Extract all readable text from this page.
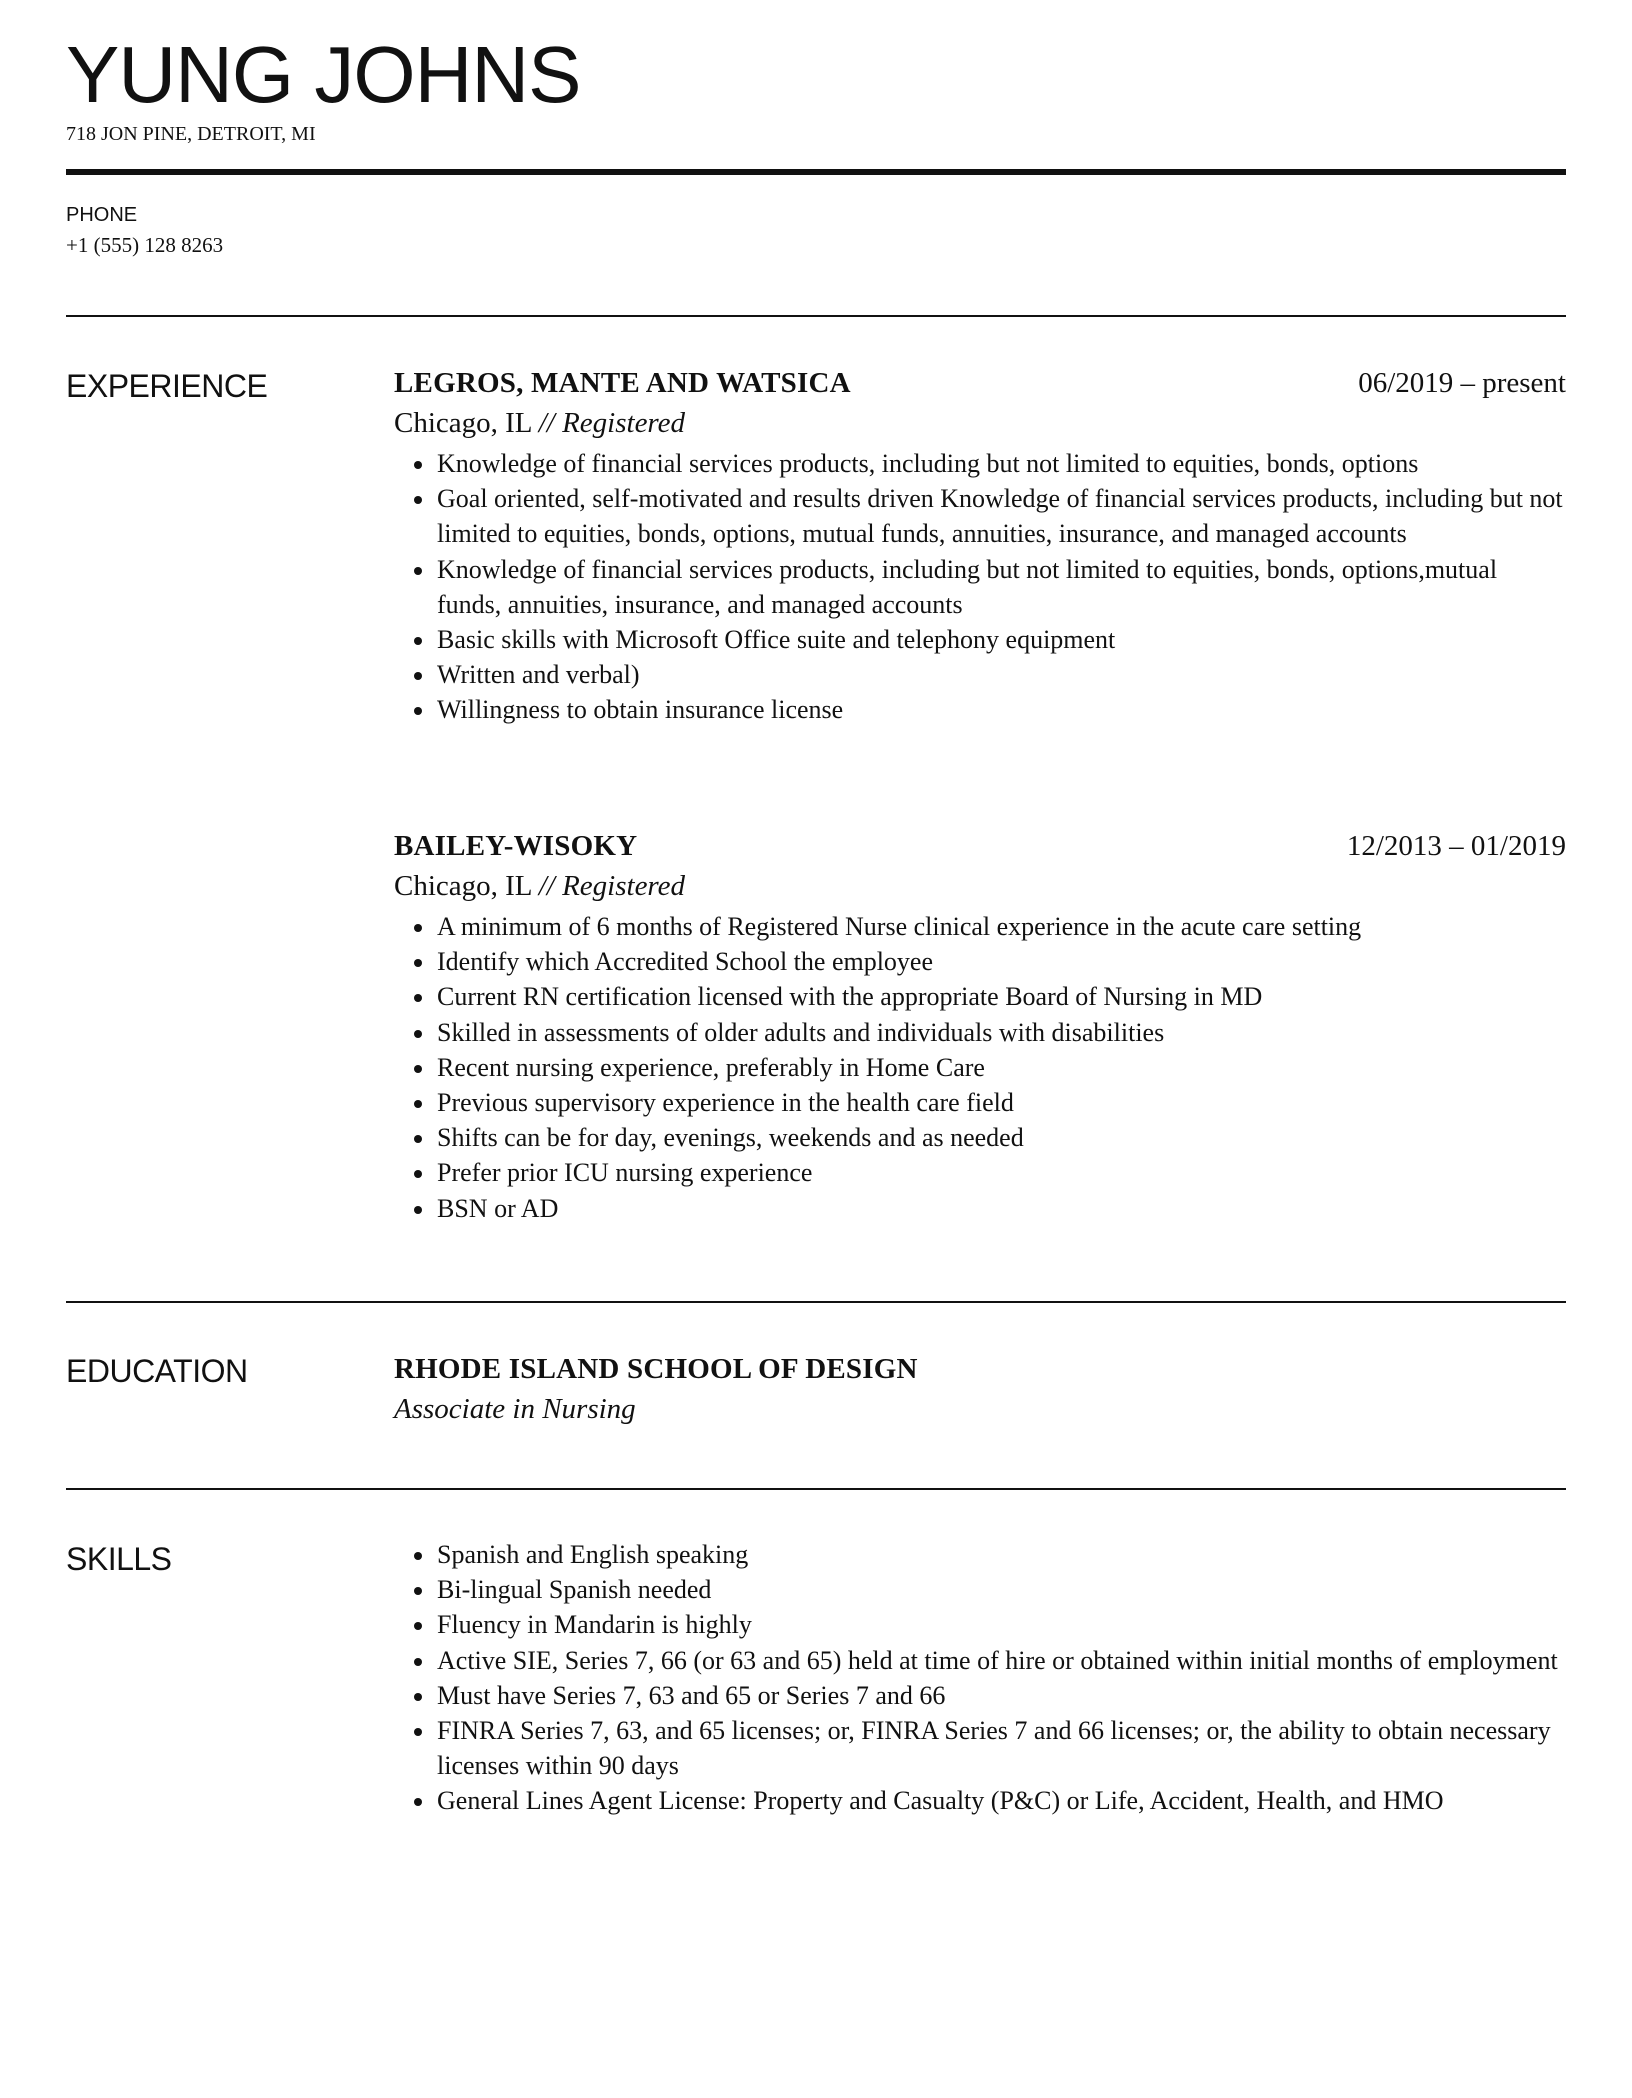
YUNG JOHNS
718 JON PINE, DETROIT, MI
PHONE
+1 (555) 128 8263
EXPERIENCE	LEGROS, MANTE AND WATSICA	06/2019 – present
Chicago, IL // Registered
Knowledge of financial services products, including but not limited to equities, bonds, options
Goal oriented, self-motivated and results driven Knowledge of financial services products, including but not limited to equities, bonds, options, mutual funds, annuities, insurance, and managed accounts
Knowledge of financial services products, including but not limited to equities, bonds, options,mutual funds, annuities, insurance, and managed accounts
Basic skills with Microsoft Office suite and telephony equipment
Written and verbal)
Willingness to obtain insurance license
BAILEY-WISOKY	12/2013 – 01/2019
Chicago, IL // Registered
A minimum of 6 months of Registered Nurse clinical experience in the acute care setting
Identify which Accredited School the employee
Current RN certification licensed with the appropriate Board of Nursing in MD
Skilled in assessments of older adults and individuals with disabilities
Recent nursing experience, preferably in Home Care
Previous supervisory experience in the health care field
Shifts can be for day, evenings, weekends and as needed
Prefer prior ICU nursing experience
BSN or AD
EDUCATION	RHODE ISLAND SCHOOL OF DESIGN
Associate in Nursing
SKILLS	Spanish and English speaking
Bi-lingual Spanish needed
Fluency in Mandarin is highly
Active SIE, Series 7, 66 (or 63 and 65) held at time of hire or obtained within initial months of employment
Must have Series 7, 63 and 65 or Series 7 and 66
FINRA Series 7, 63, and 65 licenses; or, FINRA Series 7 and 66 licenses; or, the ability to obtain necessary licenses within 90 days
General Lines Agent License: Property and Casualty (P&C) or Life, Accident, Health, and HMO
